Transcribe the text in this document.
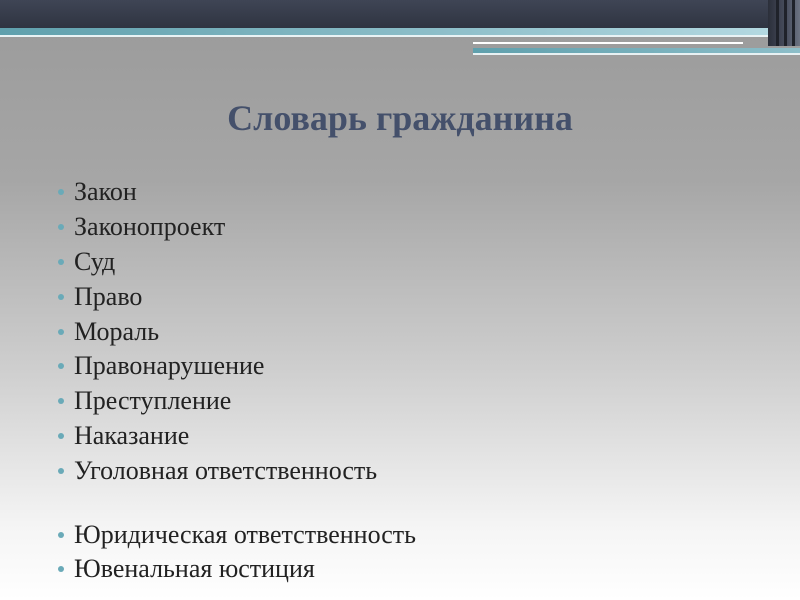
Словарь гражданина
Закон
Законопроект
Суд
Право
Мораль
Правонарушение
Преступление
Наказание
Уголовная ответственность
Юридическая ответственность
Ювенальная юстиция
